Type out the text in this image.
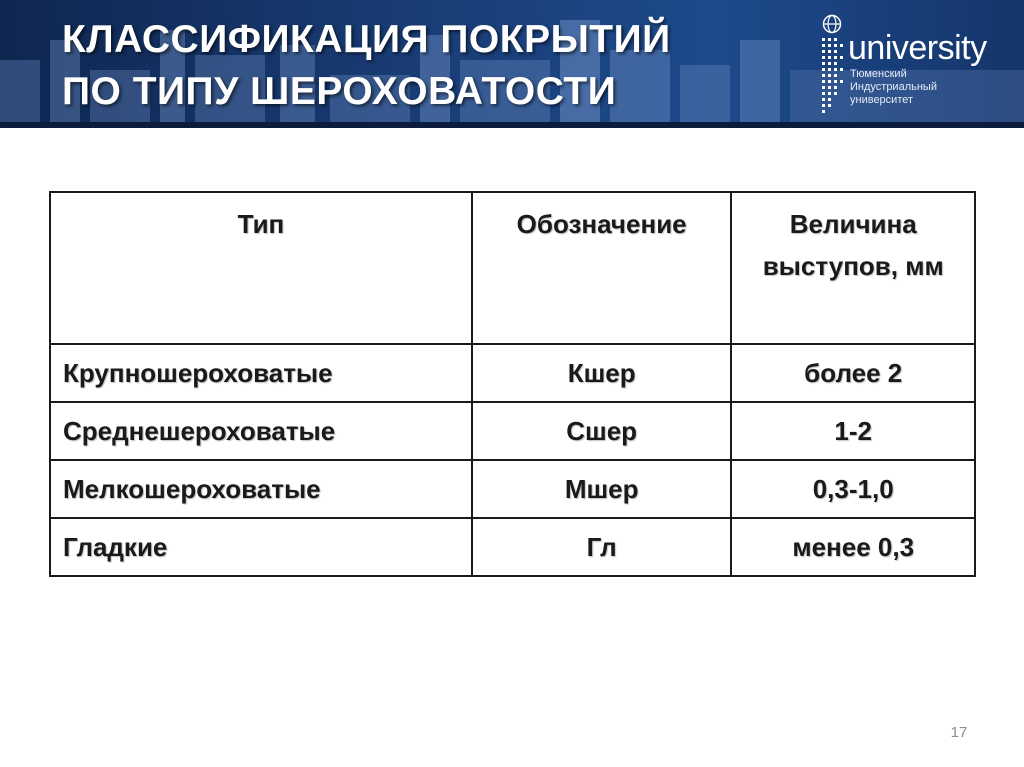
КЛАССИФИКАЦИЯ ПОКРЫТИЙ
ПО ТИПУ ШЕРОХОВАТОСТИ
university
Тюменский
Индустриальный
университет
Тип	Обозначение	Величина выступов, мм
Крупношероховатые	Кшер	более 2
Среднешероховатые	Сшер	1-2
Мелкошероховатые	Мшер	0,3-1,0
Гладкие	Гл	менее 0,3
17
